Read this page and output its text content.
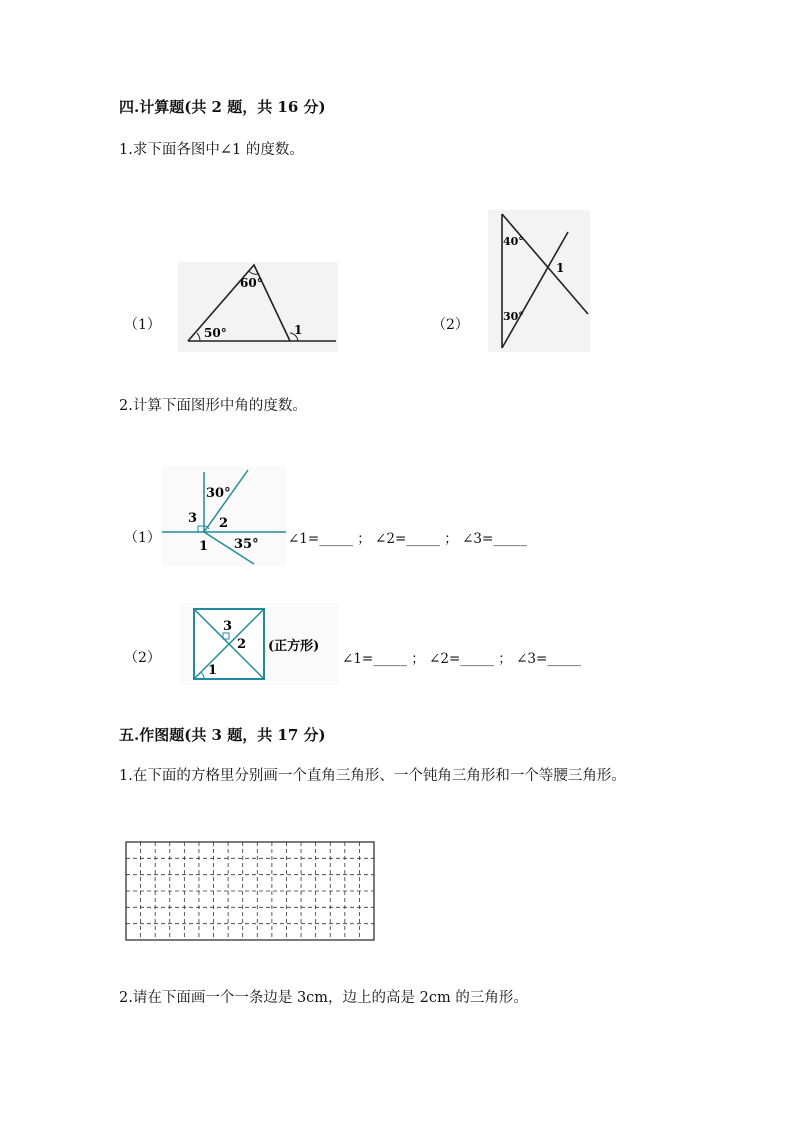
四.计算题(共 2 题，共 16 分)
1.求下面各图中∠1 的度数。
（1）	50°
60°
1	（2）
40°
30°
1
2.计算下面图形中角的度数。
（1）
30°
3 2
1 35° ∠1=_____ ； ∠2=_____ ； ∠3=_____
（2）
3
2
1
(正方形)
∠1=_____ ； ∠2=_____ ； ∠3=_____
五.作图题(共 3 题，共 17 分)
1.在下面的方格里分别画一个直角三角形、一个钝角三角形和一个等腰三角形。
2.请在下面画一个一条边是 3cm，边上的高是 2cm 的三角形。
